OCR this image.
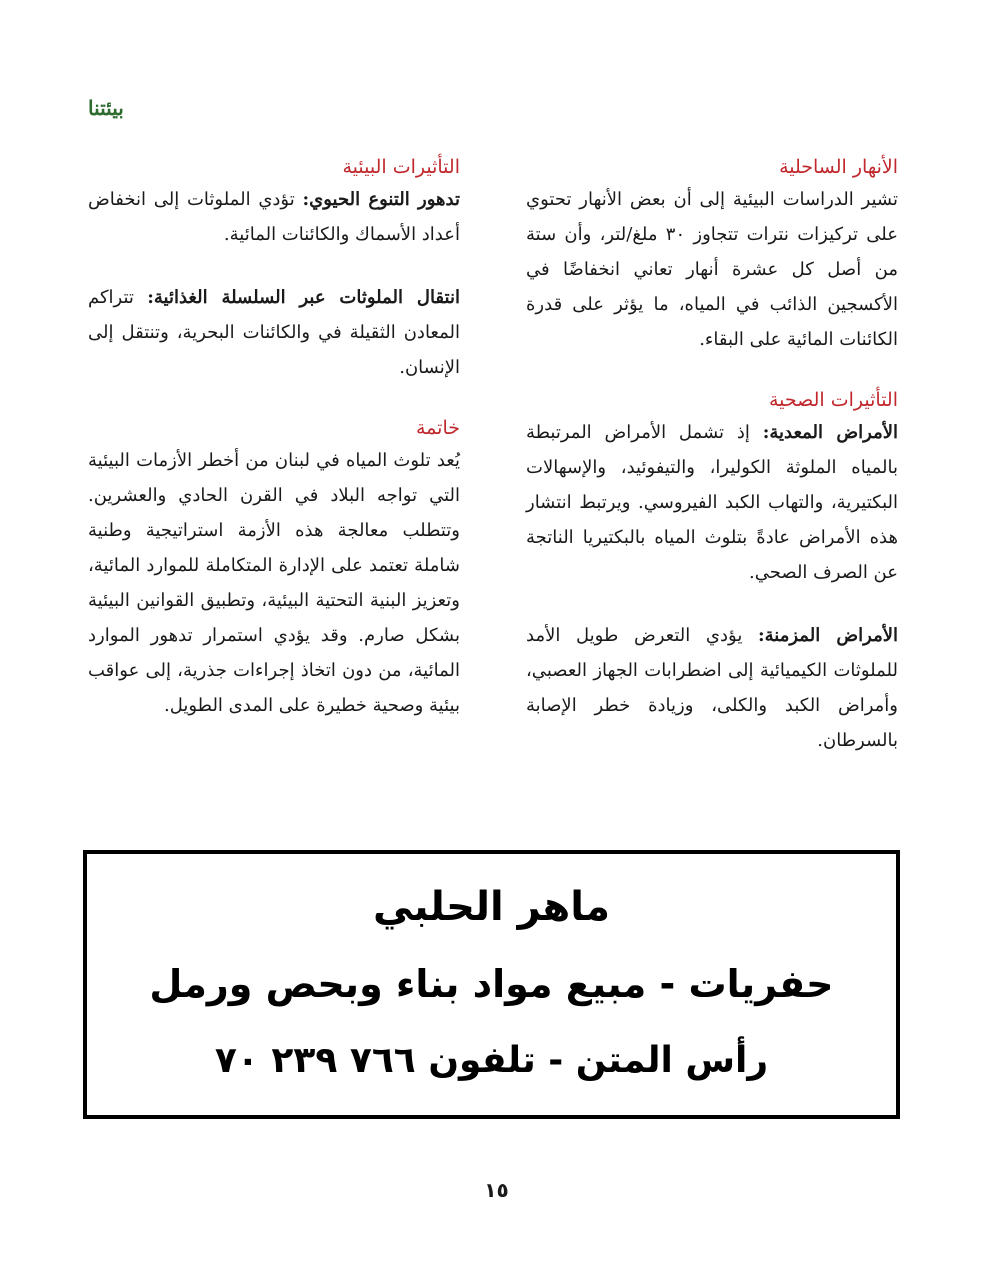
بيئتنا
الأنهار الساحلية

تشير الدراسات البيئية إلى أن بعض الأنهار تحتوي على تركيزات نترات تتجاوز ٣٠ ملغ/لتر، وأن ستة من أصل كل عشرة أنهار تعاني انخفاضًا في الأكسجين الذائب في المياه، ما يؤثر على قدرة الكائنات المائية على البقاء.

التأثيرات الصحية

الأمراض المعدية: إذ تشمل الأمراض المرتبطة بالمياه الملوثة الكوليرا، والتيفوئيد، والإسهالات البكتيرية، والتهاب الكبد الفيروسي. ويرتبط انتشار هذه الأمراض عادةً بتلوث المياه بالبكتيريا الناتجة عن الصرف الصحي.

الأمراض المزمنة: يؤدي التعرض طويل الأمد للملوثات الكيميائية إلى اضطرابات الجهاز العصبي، وأمراض الكبد والكلى، وزيادة خطر الإصابة بالسرطان.

التأثيرات البيئية

تدهور التنوع الحيوي: تؤدي الملوثات إلى انخفاض أعداد الأسماك والكائنات المائية.

انتقال الملوثات عبر السلسلة الغذائية: تتراكم المعادن الثقيلة في والكائنات البحرية، وتنتقل إلى الإنسان.

خاتمة

يُعد تلوث المياه في لبنان من أخطر الأزمات البيئية التي تواجه البلاد في القرن الحادي والعشرين. وتتطلب معالجة هذه الأزمة استراتيجية وطنية شاملة تعتمد على الإدارة المتكاملة للموارد المائية، وتعزيز البنية التحتية البيئية، وتطبيق القوانين البيئية بشكل صارم. وقد يؤدي استمرار تدهور الموارد المائية، من دون اتخاذ إجراءات جذرية، إلى عواقب بيئية وصحية خطيرة على المدى الطويل.

ماهر الحلبي
حفريات - مبيع مواد بناء وبحص ورمل
رأس المتن - تلفون ٧٦٦ ٢٣٩ ٧٠
١٥
